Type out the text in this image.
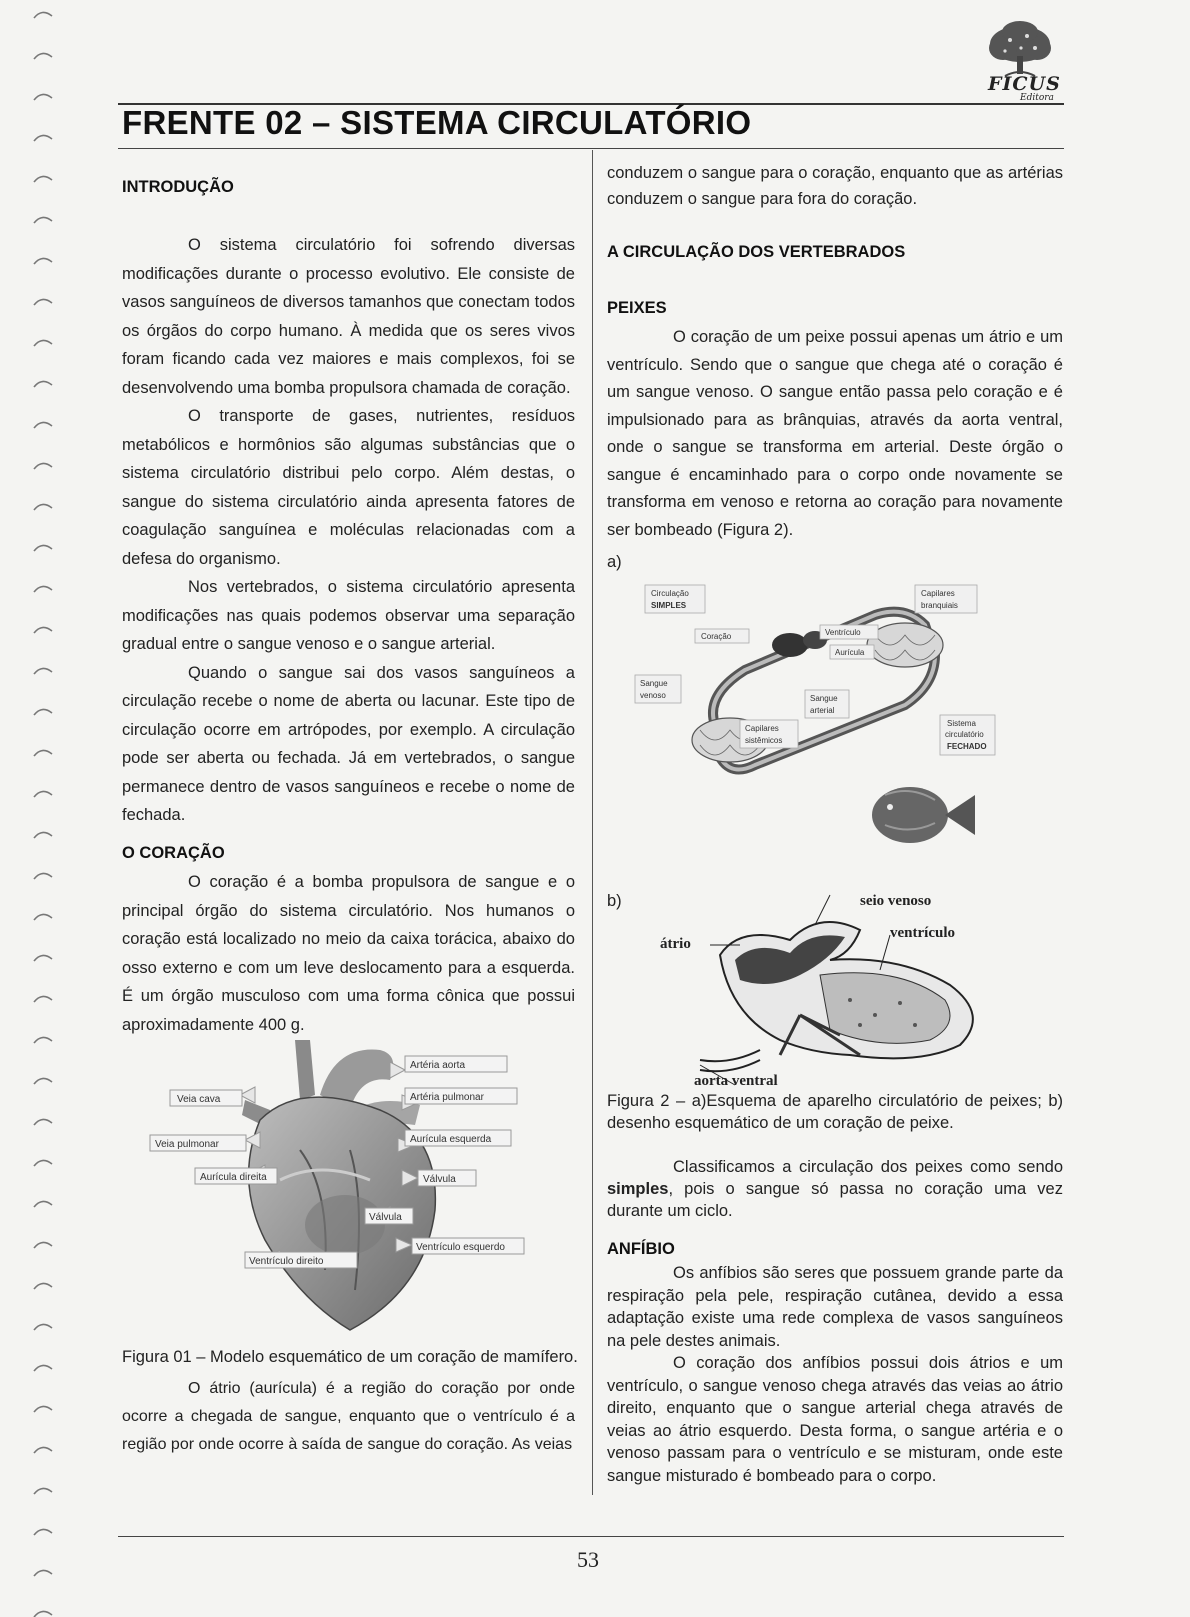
FICUS
Editora
FRENTE 02 – SISTEMA CIRCULATÓRIO
INTRODUÇÃO

O sistema circulatório foi sofrendo diversas modificações durante o processo evolutivo. Ele consiste de vasos sanguíneos de diversos tamanhos que conectam todos os órgãos do corpo humano. À medida que os seres vivos foram ficando cada vez maiores e mais complexos, foi se desenvolvendo uma bomba propulsora chamada de coração.

O transporte de gases, nutrientes, resíduos metabólicos e hormônios são algumas substâncias que o sistema circulatório distribui pelo corpo. Além destas, o sangue do sistema circulatório ainda apresenta fatores de coagulação sanguínea e moléculas relacionadas com a defesa do organismo.

Nos vertebrados, o sistema circulatório apresenta modificações nas quais podemos observar uma separação gradual entre o sangue venoso e o sangue arterial.

Quando o sangue sai dos vasos sanguíneos a circulação recebe o nome de aberta ou lacunar. Este tipo de circulação ocorre em artrópodes, por exemplo. A circulação pode ser aberta ou fechada. Já em vertebrados, o sangue permanece dentro de vasos sanguíneos e recebe o nome de fechada.

O CORAÇÃO

O coração é a bomba propulsora de sangue e o principal órgão do sistema circulatório. Nos humanos o coração está localizado no meio da caixa torácica, abaixo do osso externo e com um leve deslocamento para a esquerda. É um órgão musculoso com uma forma cônica que possui aproximadamente 400 g.

Artéria aorta
Artéria pulmonar
Veia cava
Aurícula esquerda
Veia pulmonar
Aurícula direita	Válvula
Válvula
Ventrículo esquerdo
Ventrículo direito
Figura 01 – Modelo esquemático de um coração de mamífero.

O átrio (aurícula) é a região do coração por onde ocorre a chegada de sangue, enquanto que o ventrículo é a região por onde ocorre à saída de sangue do coração. As veias

conduzem o sangue para o coração, enquanto que as artérias conduzem o sangue para fora do coração.

A CIRCULAÇÃO DOS VERTEBRADOS
PEIXES

O coração de um peixe possui apenas um átrio e um ventrículo. Sendo que o sangue que chega até o coração é um sangue venoso. O sangue então passa pelo coração e é impulsionado para as brânquias, através da aorta ventral, onde o sangue se transforma em arterial. Deste órgão o sangue é encaminhado para o corpo onde novamente se transforma em venoso e retorna ao coração para novamente ser bombeado (Figura 2).

a)
Circulação
SIMPLES
Capilares
branquiais
Coração	Ventrículo
Aurícula
Sangue
venoso	Sangue
arterial
Capilares
sistêmicos
Sistema
circulatório
FECHADO
b)	seio venoso
átrio
ventrículo
aorta ventral
Figura 2 – a)Esquema de aparelho circulatório de peixes; b) desenho esquemático de um coração de peixe.

Classificamos a circulação dos peixes como sendo simples, pois o sangue só passa no coração uma vez durante um ciclo.

ANFÍBIO

Os anfíbios são seres que possuem grande parte da respiração pela pele, respiração cutânea, devido a essa adaptação existe uma rede complexa de vasos sanguíneos na pele destes animais.

O coração dos anfíbios possui dois átrios e um ventrículo, o sangue venoso chega através das veias ao átrio direito, enquanto que o sangue arterial chega através de veias ao átrio esquerdo. Desta forma, o sangue artéria e o venoso passam para o ventrículo e se misturam, onde este sangue misturado é bombeado para o corpo.

53
